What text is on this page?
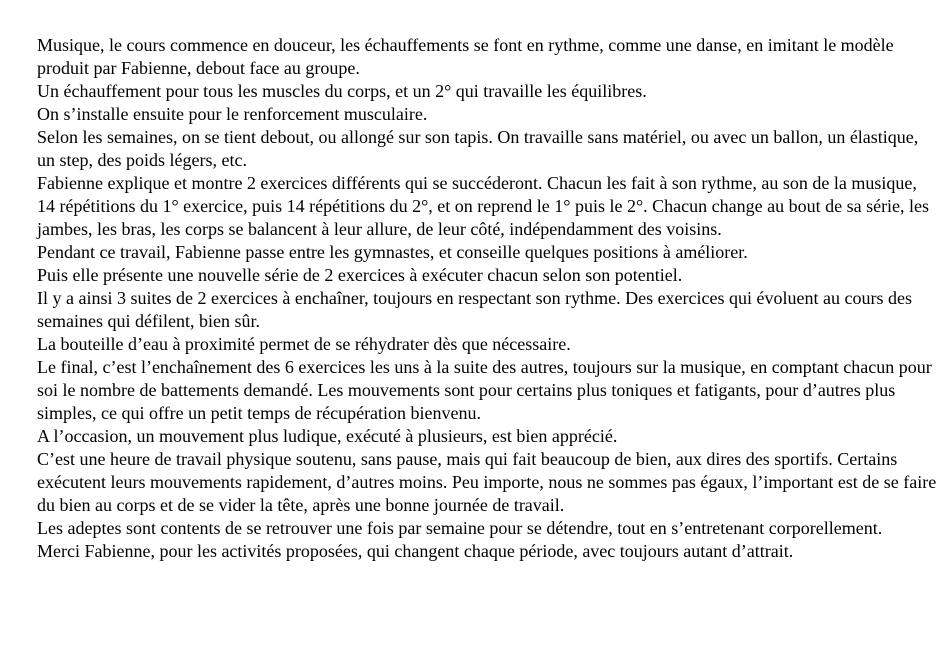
Musique, le cours commence en douceur, les échauffements se font en rythme, comme une danse, en imitant le modèle produit par Fabienne, debout face au groupe.

Un échauffement pour tous les muscles du corps, et un 2° qui travaille les équilibres.

On s’installe ensuite pour le renforcement musculaire.

Selon les semaines, on se tient debout, ou allongé sur son tapis. On travaille sans matériel, ou avec un ballon, un élastique, un step, des poids légers, etc.

Fabienne explique et montre 2 exercices différents qui se succéderont. Chacun les fait à son rythme, au son de la musique, 14 répétitions du 1° exercice, puis 14 répétitions du 2°, et on reprend le 1° puis le 2°. Chacun change au bout de sa série, les jambes, les bras, les corps se balancent à leur allure, de leur côté, indépendamment des voisins.

Pendant ce travail, Fabienne passe entre les gymnastes, et conseille quelques positions à améliorer.

Puis elle présente une nouvelle série de 2 exercices à exécuter chacun selon son potentiel.

Il y a ainsi 3 suites de 2 exercices à enchaîner, toujours en respectant son rythme. Des exercices qui évoluent au cours des semaines qui défilent, bien sûr.

La bouteille d’eau à proximité permet de se réhydrater dès que nécessaire.

Le final, c’est l’enchaînement des 6 exercices les uns à la suite des autres, toujours sur la musique, en comptant chacun pour soi le nombre de battements demandé. Les mouvements sont pour certains plus toniques et fatigants, pour d’autres plus simples, ce qui offre un petit temps de récupération bienvenu.

A l’occasion, un mouvement plus ludique, exécuté à plusieurs, est bien apprécié.

C’est une heure de travail physique soutenu, sans pause, mais qui fait beaucoup de bien, aux dires des sportifs. Certains exécutent leurs mouvements rapidement, d’autres moins. Peu importe, nous ne sommes pas égaux, l’important est de se faire du bien au corps et de se vider la tête, après une bonne journée de travail.

Les adeptes sont contents de se retrouver une fois par semaine pour se détendre, tout en s’entretenant corporellement.

Merci Fabienne, pour les activités proposées, qui changent chaque période, avec toujours autant d’attrait.
